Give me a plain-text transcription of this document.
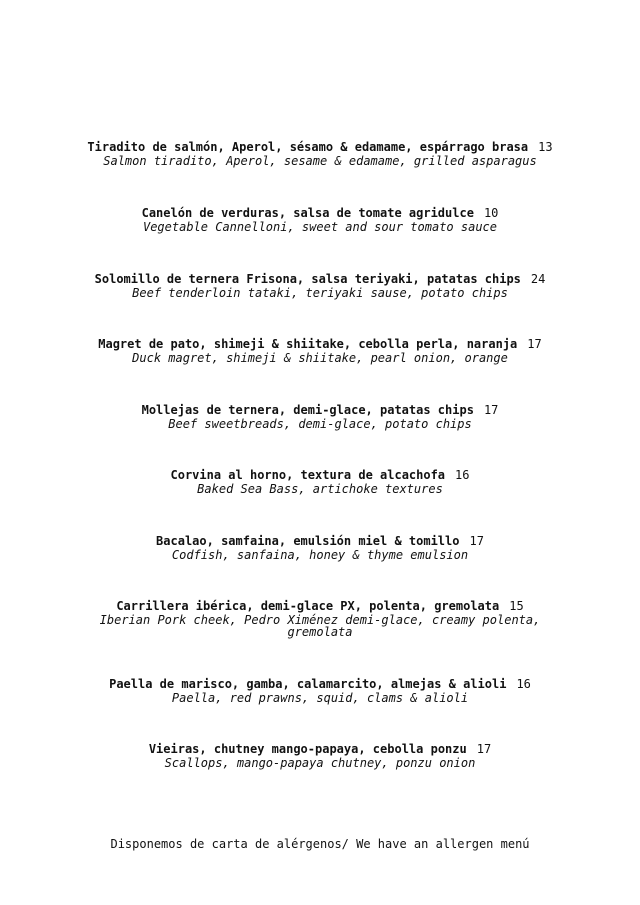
Tiradito de salmón, Aperol, sésamo & edamame, espárrago brasa 13
Salmon tiradito, Aperol, sesame & edamame, grilled asparagus
Canelón de verduras, salsa de tomate agridulce 10
Vegetable Cannelloni, sweet and sour tomato sauce
Solomillo de ternera Frisona, salsa teriyaki, patatas chips 24
Beef tenderloin tataki, teriyaki sause, potato chips
Magret de pato, shimeji & shiitake, cebolla perla, naranja 17
Duck magret, shimeji & shiitake, pearl onion, orange
Mollejas de ternera, demi-glace, patatas chips 17
Beef sweetbreads, demi-glace, potato chips
Corvina al horno, textura de alcachofa 16
Baked Sea Bass, artichoke textures
Bacalao, samfaina, emulsión miel & tomillo 17
Codfish, sanfaina, honey & thyme emulsion
Carrillera ibérica, demi-glace PX, polenta, gremolata 15
Iberian Pork cheek, Pedro Ximénez demi-glace, creamy polenta, gremolata
Paella de marisco, gamba, calamarcito, almejas & alioli 16
Paella, red prawns, squid, clams & alioli
Vieiras, chutney mango-papaya, cebolla ponzu 17
Scallops, mango-papaya chutney, ponzu onion
Disponemos de carta de alérgenos/ We have an allergen menú
